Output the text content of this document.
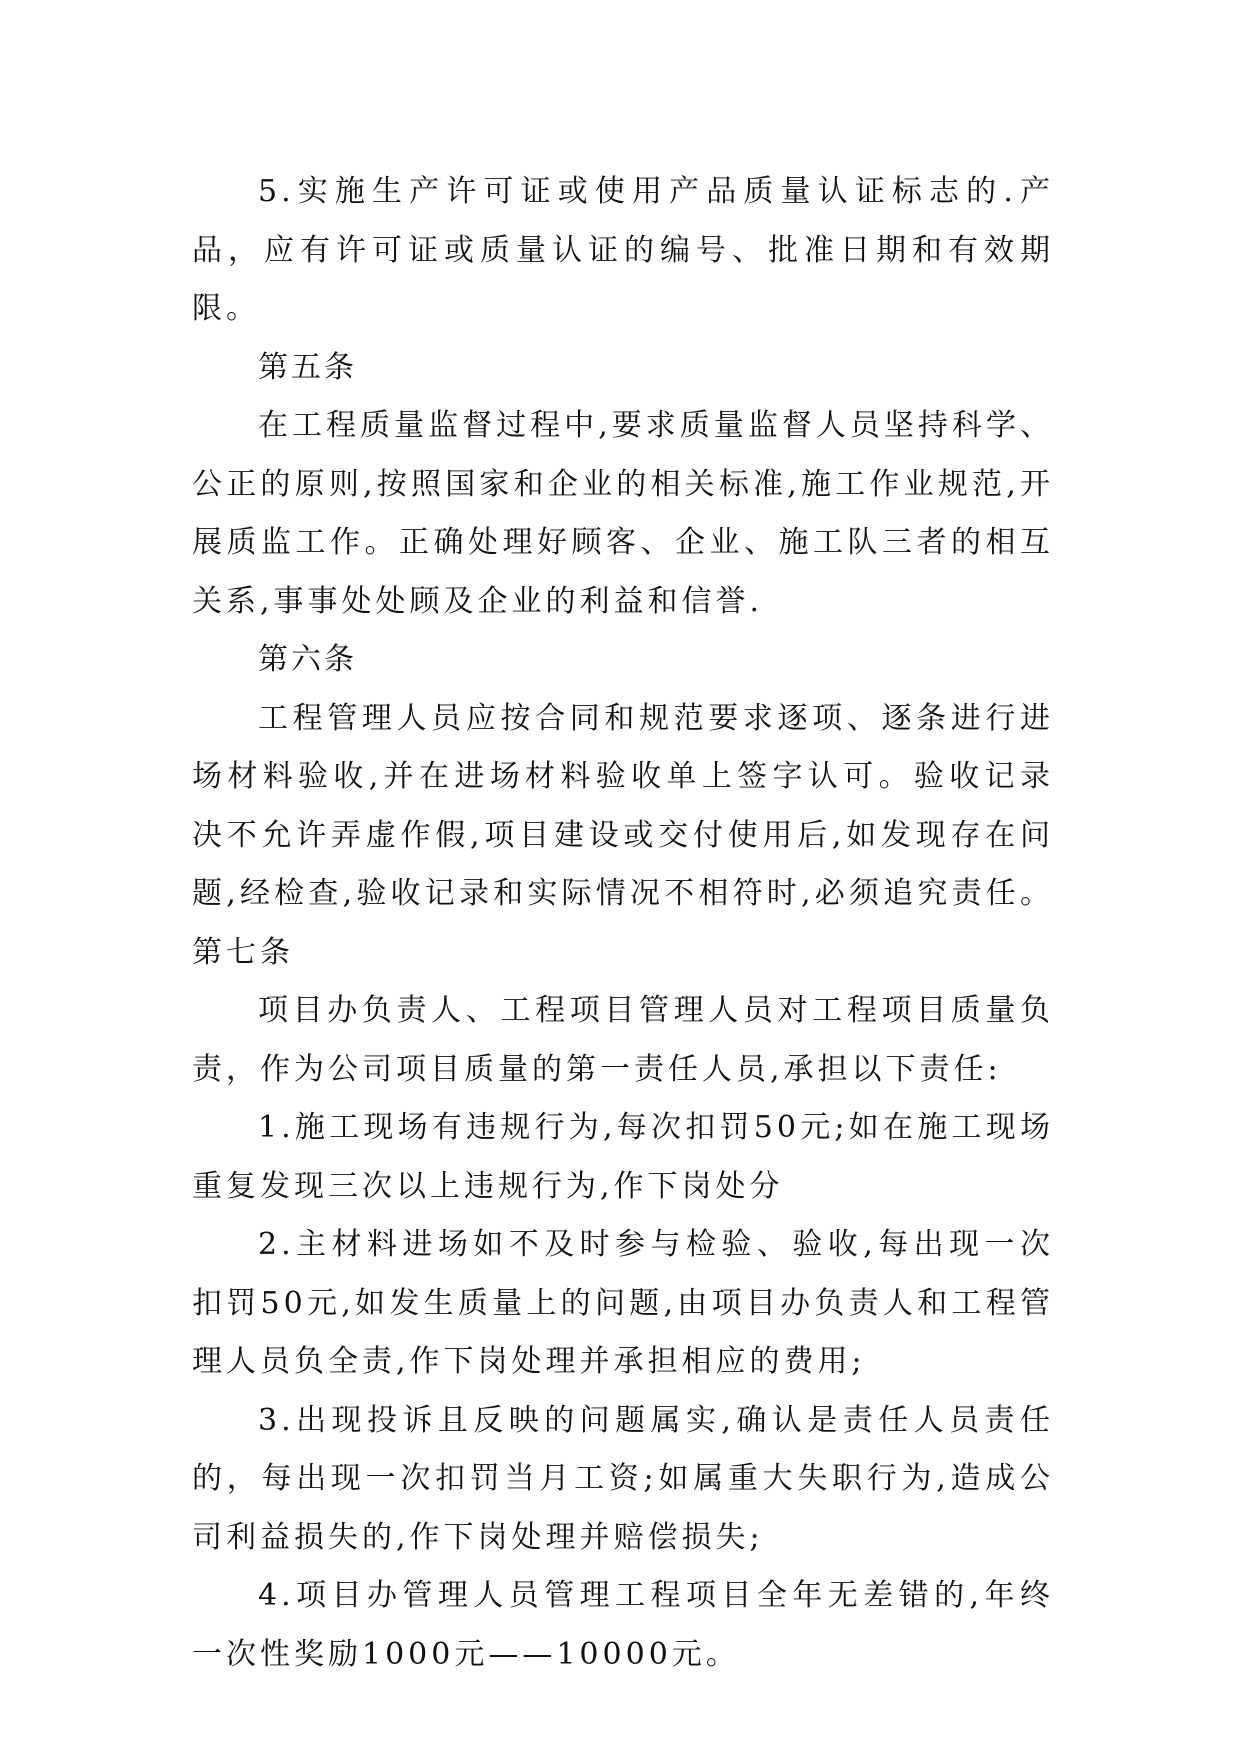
5.实施生产许可证或使用产品质量认证标志的.产品，应有许可证或质量认证的编号、批准日期和有效期限。

第五条

在工程质量监督过程中,要求质量监督人员坚持科学、公正的原则,按照国家和企业的相关标准,施工作业规范,开展质监工作。正确处理好顾客、企业、施工队三者的相互关系,事事处处顾及企业的利益和信誉.

第六条

工程管理人员应按合同和规范要求逐项、逐条进行进场材料验收,并在进场材料验收单上签字认可。验收记录决不允许弄虚作假,项目建设或交付使用后,如发现存在问题,经检查,验收记录和实际情况不相符时,必须追究责任。第七条

项目办负责人、工程项目管理人员对工程项目质量负责，作为公司项目质量的第一责任人员,承担以下责任:

1.施工现场有违规行为,每次扣罚50元;如在施工现场重复发现三次以上违规行为,作下岗处分

2.主材料进场如不及时参与检验、验收,每出现一次扣罚50元,如发生质量上的问题,由项目办负责人和工程管理人员负全责,作下岗处理并承担相应的费用;

3.出现投诉且反映的问题属实,确认是责任人员责任的，每出现一次扣罚当月工资;如属重大失职行为,造成公司利益损失的,作下岗处理并赔偿损失;

4.项目办管理人员管理工程项目全年无差错的,年终一次性奖励1000元——10000元。
